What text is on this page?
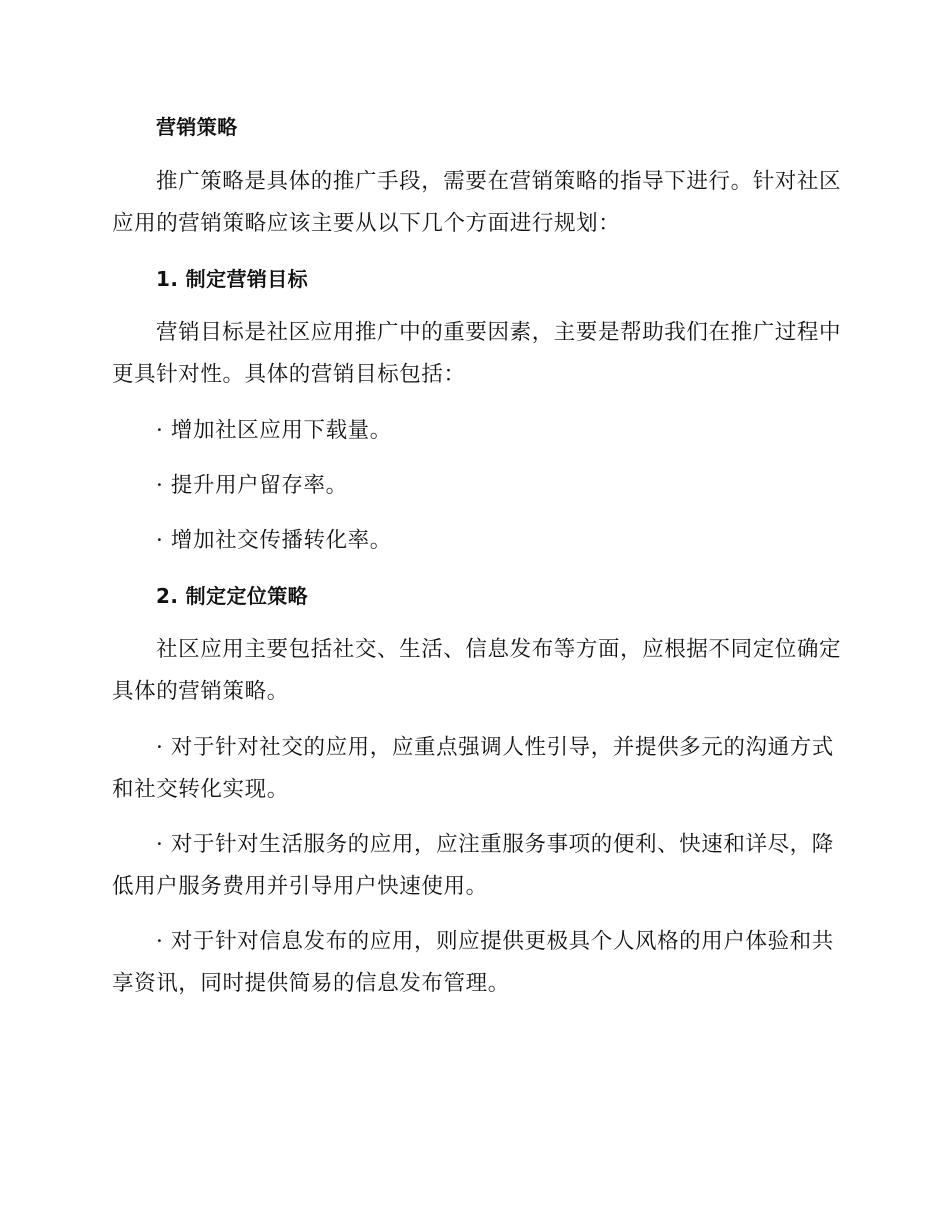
营销策略

推广策略是具体的推广手段，需要在营销策略的指导下进行。针对社区

应用的营销策略应该主要从以下几个方面进行规划：

1. 制定营销目标

营销目标是社区应用推广中的重要因素，主要是帮助我们在推广过程中

更具针对性。具体的营销目标包括：

· 增加社区应用下载量。

· 提升用户留存率。

· 增加社交传播转化率。

2. 制定定位策略

社区应用主要包括社交、生活、信息发布等方面，应根据不同定位确定

具体的营销策略。

· 对于针对社交的应用，应重点强调人性引导，并提供多元的沟通方式

和社交转化实现。

· 对于针对生活服务的应用，应注重服务事项的便利、快速和详尽，降

低用户服务费用并引导用户快速使用。

· 对于针对信息发布的应用，则应提供更极具个人风格的用户体验和共

享资讯，同时提供简易的信息发布管理。
